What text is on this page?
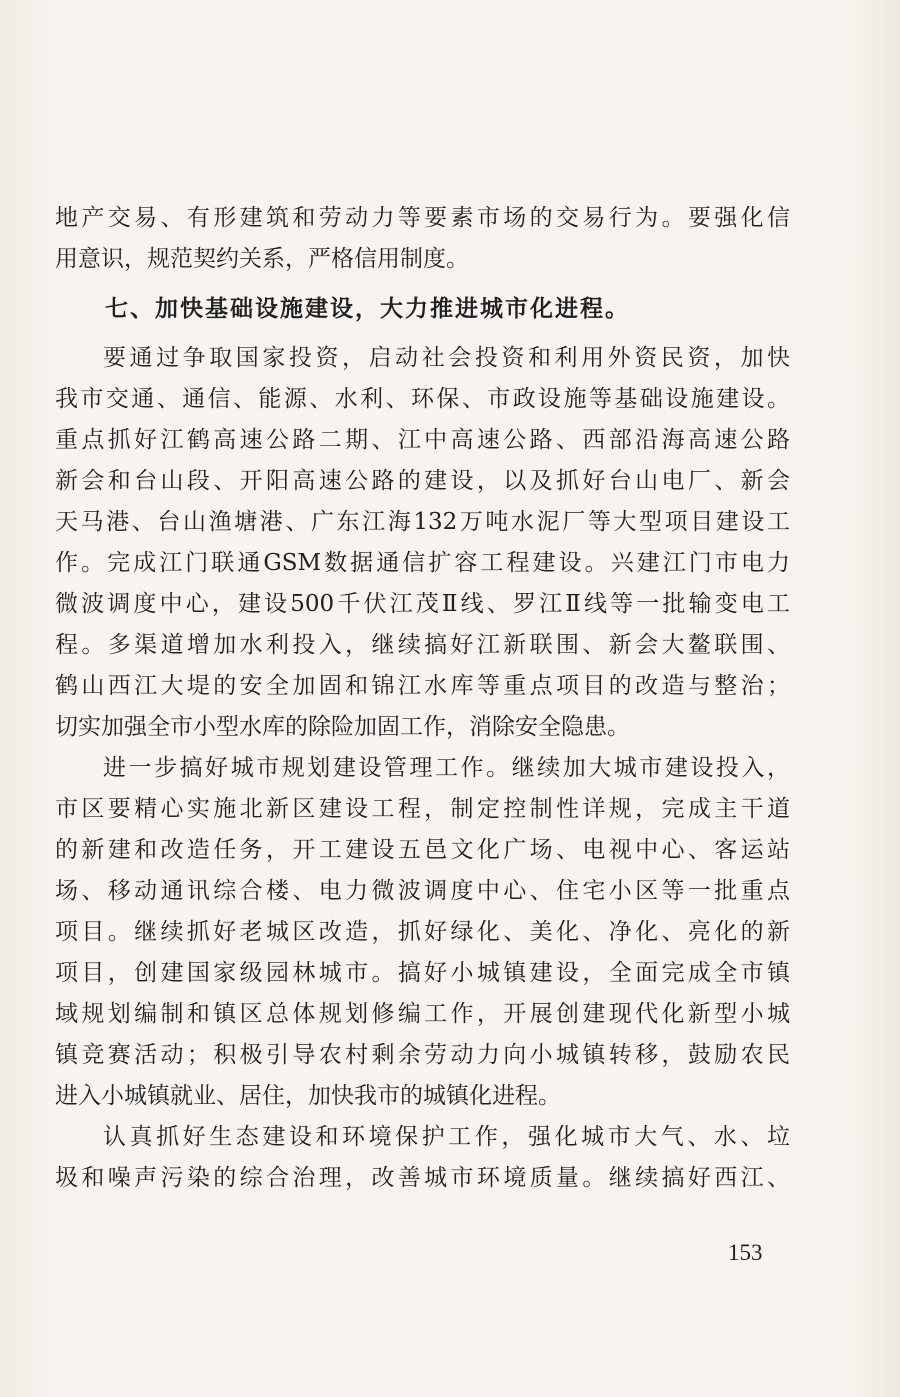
地产交易、有形建筑和劳动力等要素市场的交易行为。要强化信
用意识，规范契约关系，严格信用制度。
七、加快基础设施建设，大力推进城市化进程。
要通过争取国家投资，启动社会投资和利用外资民资，加快
我市交通、通信、能源、水利、环保、市政设施等基础设施建设。
重点抓好江鹤高速公路二期、江中高速公路、西部沿海高速公路
新会和台山段、开阳高速公路的建设，以及抓好台山电厂、新会
天马港、台山渔塘港、广东江海132万吨水泥厂等大型项目建设工
作。完成江门联通GSM数据通信扩容工程建设。兴建江门市电力
微波调度中心，建设500千伏江茂Ⅱ线、罗江Ⅱ线等一批输变电工
程。多渠道增加水利投入，继续搞好江新联围、新会大鳌联围、
鹤山西江大堤的安全加固和锦江水库等重点项目的改造与整治；
切实加强全市小型水库的除险加固工作，消除安全隐患。
进一步搞好城市规划建设管理工作。继续加大城市建设投入，
市区要精心实施北新区建设工程，制定控制性详规，完成主干道
的新建和改造任务，开工建设五邑文化广场、电视中心、客运站
场、移动通讯综合楼、电力微波调度中心、住宅小区等一批重点
项目。继续抓好老城区改造，抓好绿化、美化、净化、亮化的新
项目，创建国家级园林城市。搞好小城镇建设，全面完成全市镇
域规划编制和镇区总体规划修编工作，开展创建现代化新型小城
镇竞赛活动；积极引导农村剩余劳动力向小城镇转移，鼓励农民
进入小城镇就业、居住，加快我市的城镇化进程。
认真抓好生态建设和环境保护工作，强化城市大气、水、垃
圾和噪声污染的综合治理，改善城市环境质量。继续搞好西江、
153
